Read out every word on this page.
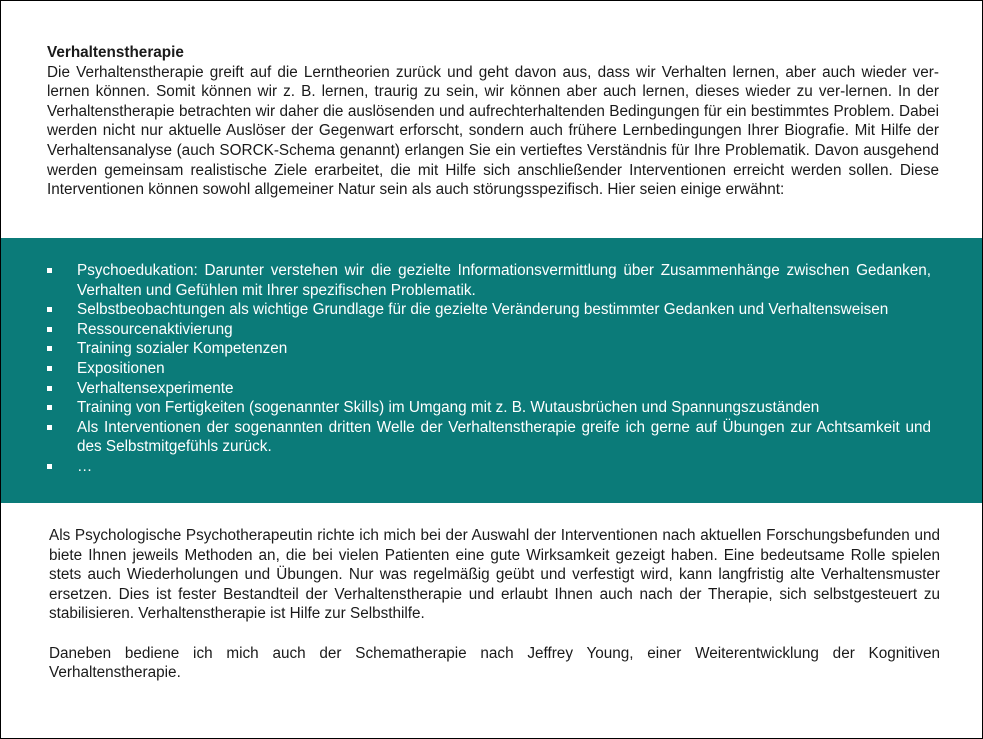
Verhaltenstherapie
Die Verhaltenstherapie greift auf die Lerntheorien zurück und geht davon aus, dass wir Verhalten lernen, aber auch wieder ver-lernen können. Somit können wir z. B. lernen, traurig zu sein, wir können aber auch lernen, dieses wieder zu ver-lernen. In der Verhaltenstherapie betrachten wir daher die auslösenden und aufrechterhaltenden Bedingungen für ein bestimmtes Problem. Dabei werden nicht nur aktuelle Auslöser der Gegenwart erforscht, sondern auch frühere Lernbedingungen Ihrer Biografie. Mit Hilfe der Verhaltensanalyse (auch SORCK-Schema genannt) erlangen Sie ein vertieftes Verständnis für Ihre Problematik. Davon ausgehend werden gemeinsam realistische Ziele erarbeitet, die mit Hilfe sich anschließender Interventionen erreicht werden sollen. Diese Interventionen können sowohl allgemeiner Natur sein als auch störungsspezifisch. Hier seien einige erwähnt:
Psychoedukation: Darunter verstehen wir die gezielte Informationsvermittlung über Zusammenhänge zwischen Gedanken, Verhalten und Gefühlen mit Ihrer spezifischen Problematik.
Selbstbeobachtungen als wichtige Grundlage für die gezielte Veränderung bestimmter Gedanken und Verhaltensweisen
Ressourcenaktivierung
Training sozialer Kompetenzen
Expositionen
Verhaltensexperimente
Training von Fertigkeiten (sogenannter Skills) im Umgang mit z. B. Wutausbrüchen und Spannungszuständen
Als Interventionen der sogenannten dritten Welle der Verhaltenstherapie greife ich gerne auf Übungen zur Achtsamkeit und des Selbstmitgefühls zurück.
…

Als Psychologische Psychotherapeutin richte ich mich bei der Auswahl der Interventionen nach aktuellen Forschungsbefunden und biete Ihnen jeweils Methoden an, die bei vielen Patienten eine gute Wirksamkeit gezeigt haben. Eine bedeutsame Rolle spielen stets auch Wiederholungen und Übungen. Nur was regelmäßig geübt und verfestigt wird, kann langfristig alte Verhaltensmuster ersetzen. Dies ist fester Bestandteil der Verhaltenstherapie und erlaubt Ihnen auch nach der Therapie, sich selbstgesteuert zu stabilisieren. Verhaltenstherapie ist Hilfe zur Selbsthilfe.

Daneben bediene ich mich auch der Schematherapie nach Jeffrey Young, einer Weiterentwicklung der Kognitiven Verhaltenstherapie.
